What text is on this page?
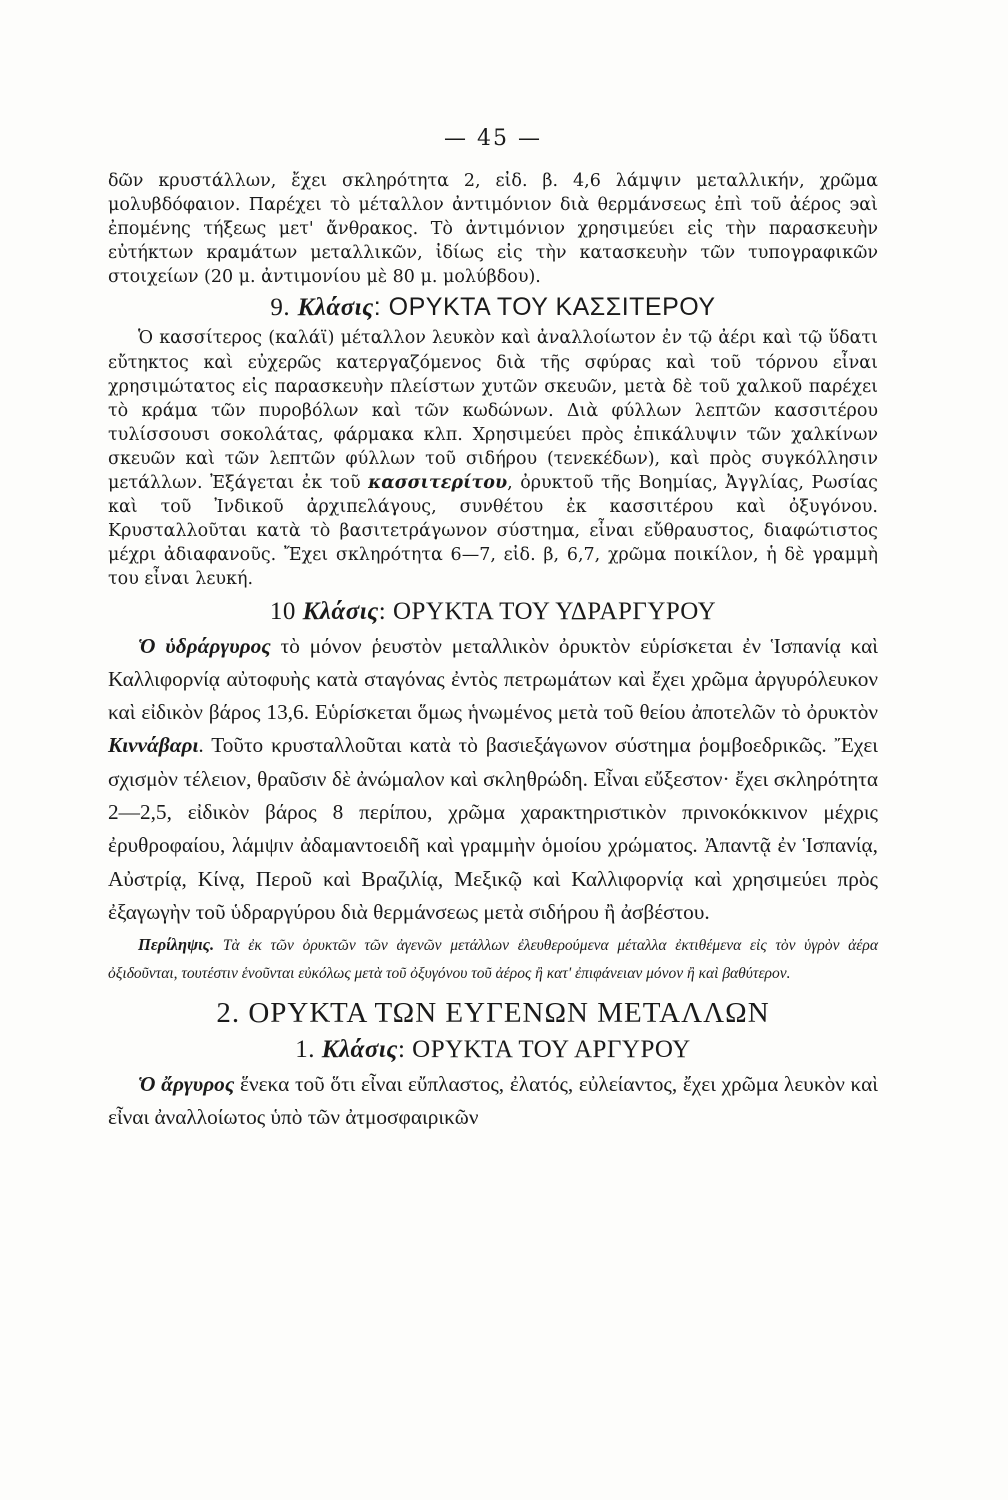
— 45 —
δῶν κρυστάλλων, ἔχει σκληρότητα 2, εἰδ. β. 4,6 λάμψιν μεταλλικήν, χρῶμα μολυβδόφαιον. Παρέχει τὸ μέταλλον ἀντιμόνιον διὰ θερμάνσεως ἐπὶ τοῦ ἀέρος ϶αὶ ἐπομένης τήξεως μετ' ἄνθρακος. Τὸ ἀντιμόνιον χρησιμεύει εἰς τὴν παρασκευὴν εὐτήκτων κραμάτων μεταλλικῶν, ἰδίως εἰς τὴν κατασκευὴν τῶν τυπογραφικῶν στοιχείων (20 μ. ἀντιμονίου μὲ 80 μ. μολύβδου).
9. Κλάσις: ΟΡΥΚΤΑ ΤΟΥ ΚΑΣΣΙΤΕΡΟΥ
Ὁ κασσίτερος (καλάϊ) μέταλλον λευκὸν καὶ ἀναλλοίωτον ἐν τῷ ἀέρι καὶ τῷ ὕδατι εὔτηκτος καὶ εὐχερῶς κατεργαζόμενος διὰ τῆς σφύρας καὶ τοῦ τόρνου εἶναι χρησιμώτατος εἰς παρασκευὴν πλείστων χυτῶν σκευῶν, μετὰ δὲ τοῦ χαλκοῦ παρέχει τὸ κράμα τῶν πυροβόλων καὶ τῶν κωδώνων. Διὰ φύλλων λεπτῶν κασσιτέρου τυλίσσουσι σοκολάτας, φάρμακα κλπ. Χρησιμεύει πρὸς ἐπικάλυψιν τῶν χαλκίνων σκευῶν καὶ τῶν λεπτῶν φύλλων τοῦ σιδήρου (τενεκέδων), καὶ πρὸς συγκόλλησιν μετάλλων. Ἐξάγεται ἐκ τοῦ κασσιτερίτου, ὀρυκτοῦ τῆς Βοημίας, Ἀγγλίας, Ρωσίας καὶ τοῦ Ἰνδικοῦ ἀρχιπελάγους, συνθέτου ἐκ κασσιτέρου καὶ ὀξυγόνου. Κρυσταλλοῦται κατὰ τὸ βασιτετράγωνον σύστημα, εἶναι εὔθραυστος, διαφώτιστος μέχρι ἀδιαφανοῦς. Ἔχει σκληρότητα 6—7, εἰδ. β, 6,7, χρῶμα ποικίλον, ἡ δὲ γραμμὴ του εἶναι λευκή.
10 Κλάσις: ΟΡΥΚΤΑ ΤΟΥ ΥΔΡΑΡΓΥΡΟΥ
Ὁ ὑδράργυρος τὸ μόνον ῥευστὸν μεταλλικὸν ὀρυκτὸν εὑρίσκεται ἐν Ἱσπανίᾳ καὶ Καλλιφορνίᾳ αὐτοφυὴς κατὰ σταγόνας ἐντὸς πετρωμάτων καὶ ἔχει χρῶμα ἀργυρόλευκον καὶ εἰδικὸν βάρος 13,6. Εὑρίσκεται ὅμως ἡνωμένος μετὰ τοῦ θείου ἀποτελῶν τὸ ὀρυκτὸν Κιννάβαρι. Τοῦτο κρυσταλλοῦται κατὰ τὸ βασιεξάγωνον σύστημα ῥομβοεδρικῶς. Ἔχει σχισμὸν τέλειον, θραῦσιν δὲ ἀνώμαλον καὶ σκληθρώδη. Εἶναι εὔξεστον· ἔχει σκληρότητα 2—2,5, εἰδικὸν βάρος 8 περίπου, χρῶμα χαρακτηριστικὸν πρινοκόκκινον μέχρις ἐρυθροφαίου, λάμψιν ἀδαμαντοειδῆ καὶ γραμμὴν ὁμοίου χρώματος. Ἀπαντᾷ ἐν Ἱσπανίᾳ, Αὐστρίᾳ, Κίνᾳ, Περοῦ καὶ Βραζιλίᾳ, Μεξικῷ καὶ Καλλιφορνίᾳ καὶ χρησιμεύει πρὸς ἐξαγωγὴν τοῦ ὑδραργύρου διὰ θερμάνσεως μετὰ σιδήρου ἢ ἀσβέστου.
Περίληψις. Τὰ ἐκ τῶν ὀρυκτῶν τῶν ἀγενῶν μετάλλων ἐλευθερούμενα μέταλλα ἐκτιθέμενα εἰς τὸν ὑγρὸν ἀέρα ὀξιδοῦνται, τουτέστιν ἑνοῦνται εὐκόλως μετὰ τοῦ ὀξυγόνου τοῦ ἀέρος ἢ κατ' ἐπιφάνειαν μόνον ἢ καὶ βαθύτερον.
2. ΟΡΥΚΤΑ ΤΩΝ ΕΥΓΕΝΩΝ ΜΕΤΑΛΛΩΝ
1. Κλάσις: ΟΡΥΚΤΑ ΤΟΥ ΑΡΓΥΡΟΥ
Ὁ ἄργυρος ἕνεκα τοῦ ὅτι εἶναι εὔπλαστος, ἐλατός, εὐλείαντος, ἔχει χρῶμα λευκὸν καὶ εἶναι ἀναλλοίωτος ὑπὸ τῶν ἀτμοσφαιρικῶν
